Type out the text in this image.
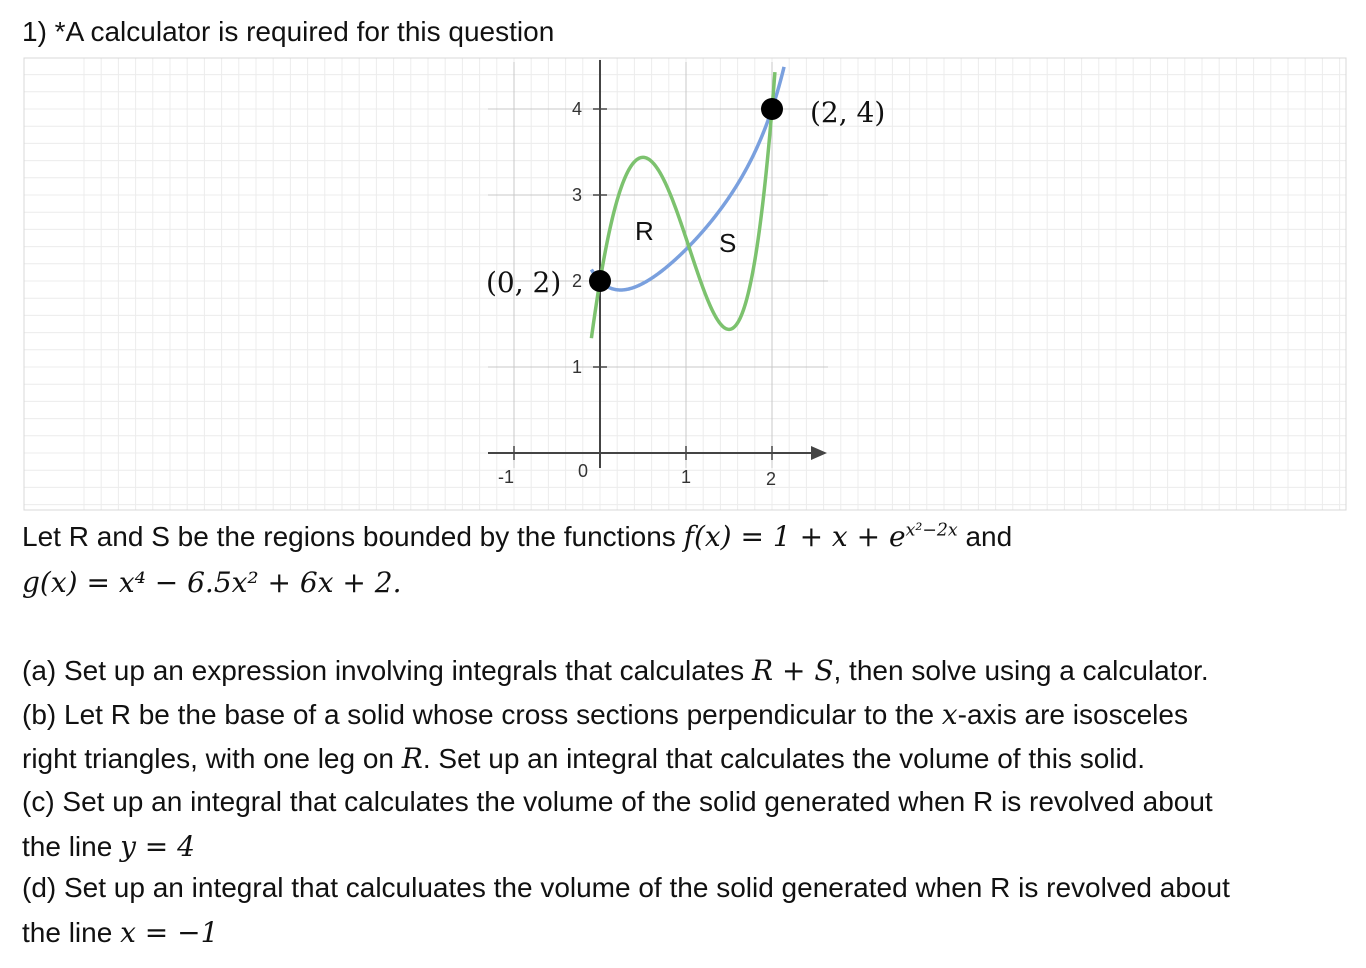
1) *A calculator is required for this question
-1	0	1	2
1
2
3
4
(0, 2)
(2, 4)
R	S
Let R and S be the regions bounded by the functions $f(x) = 1 + x + e^{x^2-2x}$ and
g(x) = x⁴ − 6.5x² + 6x + 2.
(a) Set up an expression involving integrals that calculates R + S, then solve using a calculator.
(b) Let R be the base of a solid whose cross sections perpendicular to the x-axis are isosceles
right triangles, with one leg on R. Set up an integral that calculates the volume of this solid.
(c) Set up an integral that calculates the volume of the solid generated when R is revolved about
the line y = 4
(d) Set up an integral that calculuates the volume of the solid generated when R is revolved about
the line x = −1
